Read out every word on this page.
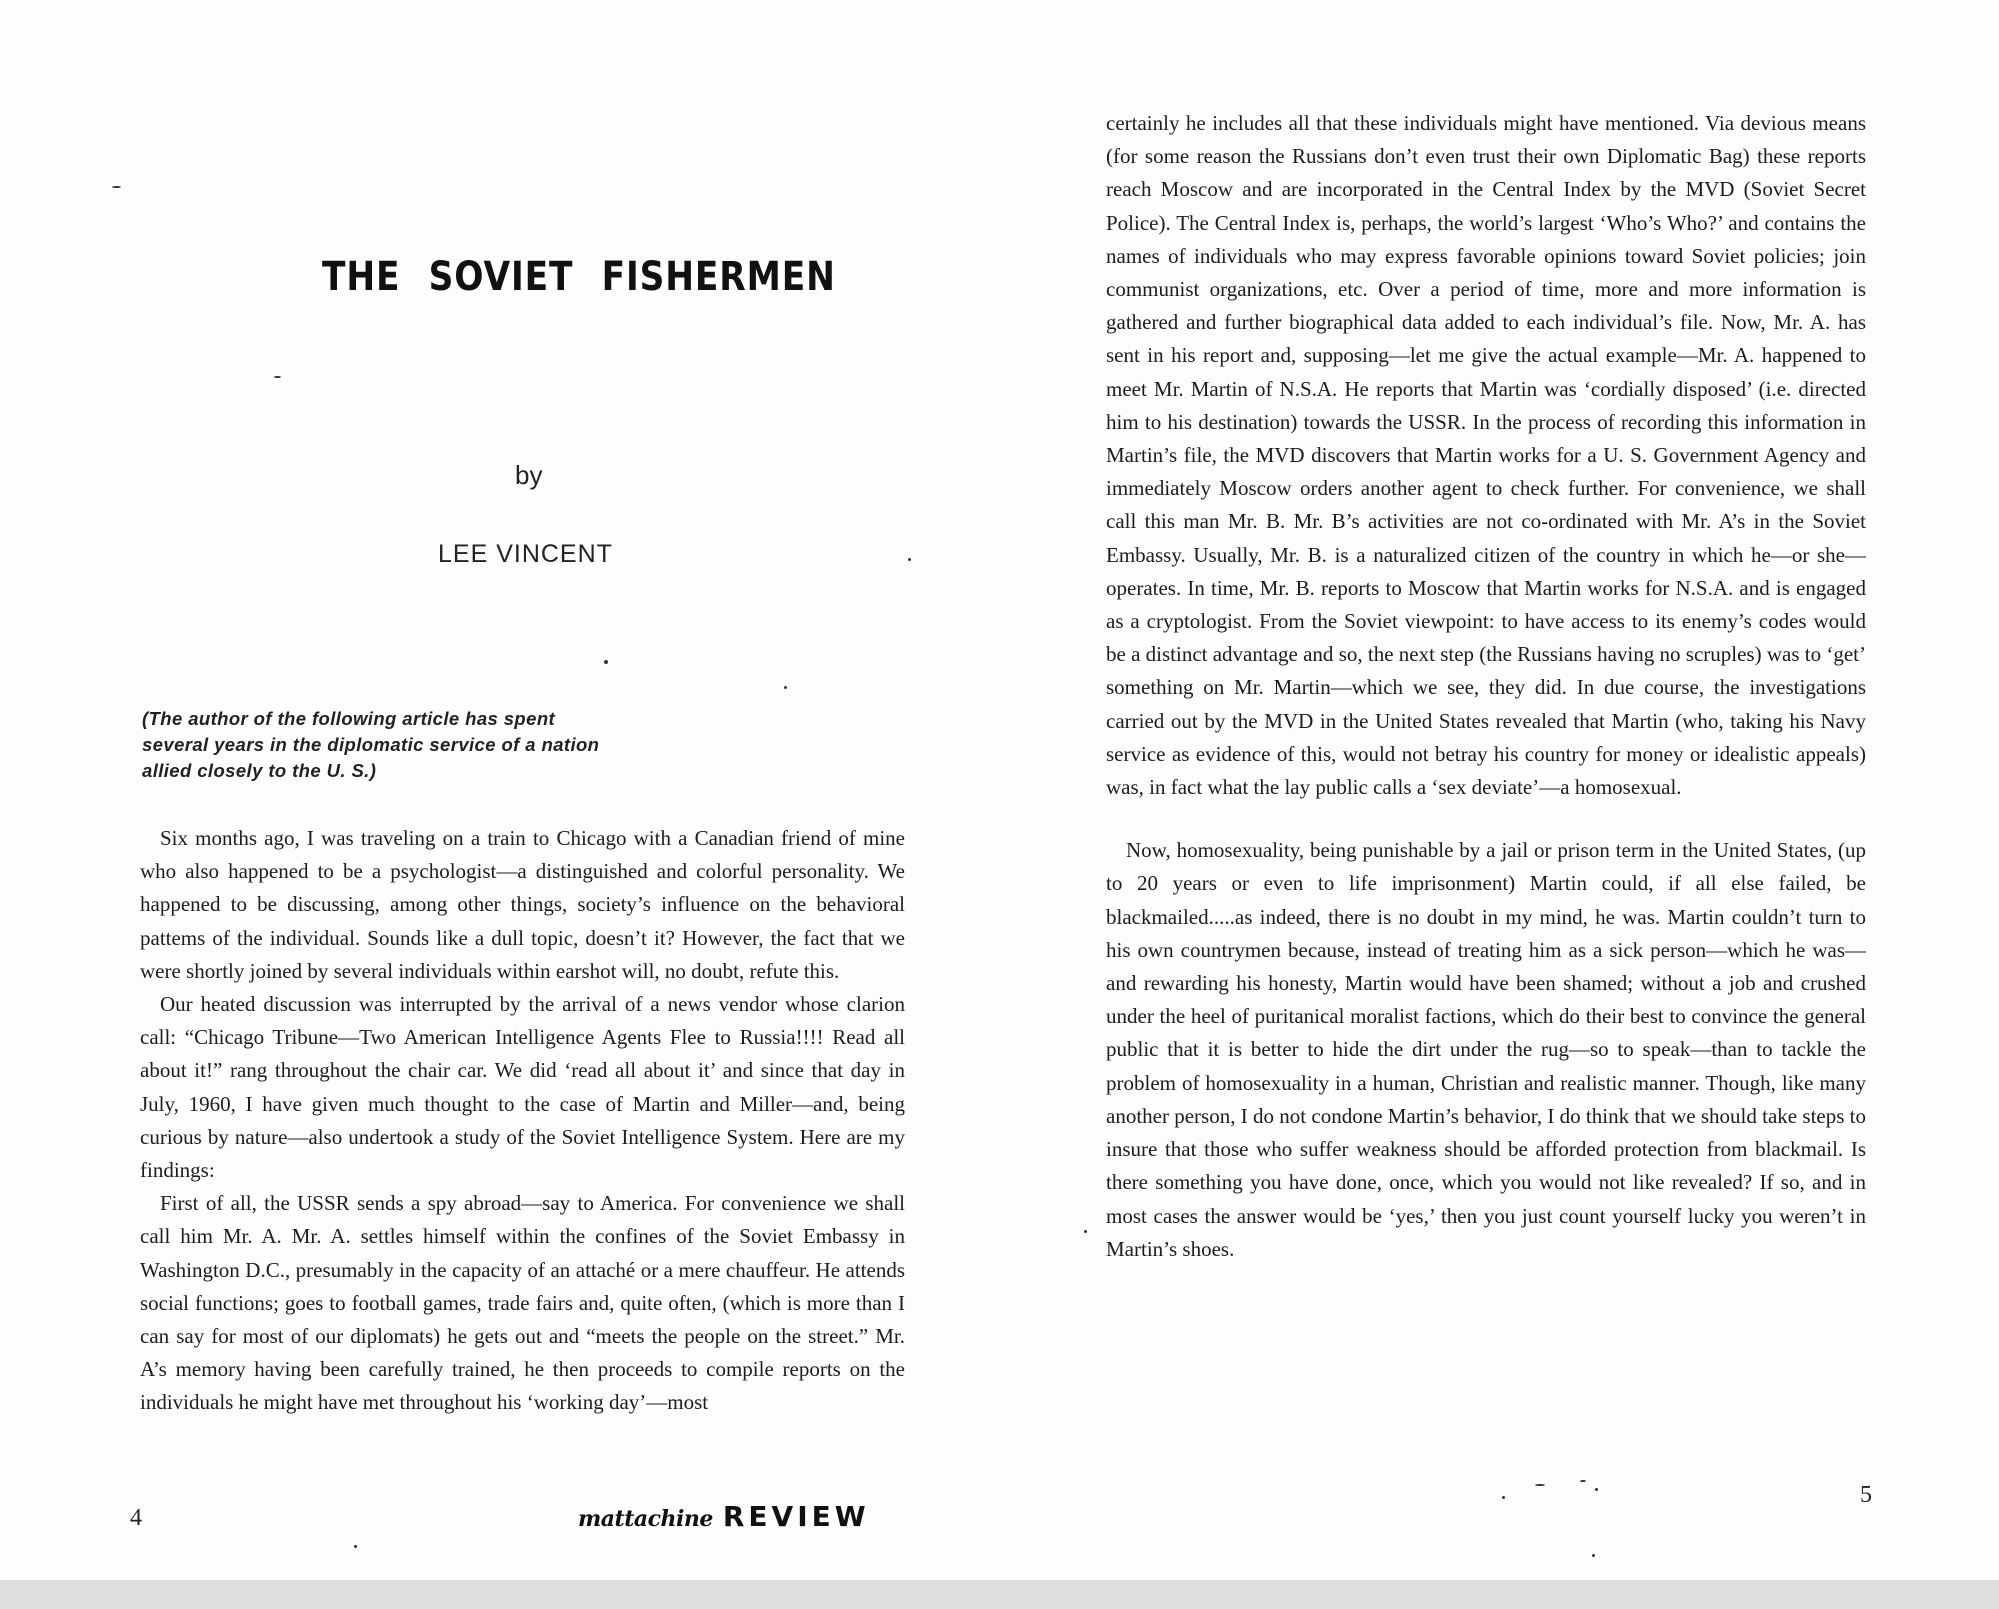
THE SOVIET FISHERMEN
by
LEE VINCENT

(The author of the following article has spent several years in the diplomatic service of a nation allied closely to the U. S.)

Six months ago, I was traveling on a train to Chicago with a Canadian friend of mine who also happened to be a psychologist—a distinguished and colorful personality. We happened to be discussing, among other things, society’s influence on the behavioral pattems of the individual. Sounds like a dull topic, doesn’t it? However, the fact that we were shortly joined by several individuals within earshot will, no doubt, refute this.

Our heated discussion was interrupted by the arrival of a news vendor whose clarion call: “Chicago Tribune—Two American Intelligence Agents Flee to Russia!!!! Read all about it!” rang throughout the chair car. We did ‘read all about it’ and since that day in July, 1960, I have given much thought to the case of Martin and Miller—and, being curious by nature—also undertook a study of the Soviet Intelligence System. Here are my findings:

First of all, the USSR sends a spy abroad—say to America. For convenience we shall call him Mr. A. Mr. A. settles himself within the confines of the Soviet Embassy in Washington D.C., presumably in the capacity of an attaché or a mere chauffeur. He attends social functions; goes to football games, trade fairs and, quite often, (which is more than I can say for most of our diplomats) he gets out and “meets the people on the street.” Mr. A’s memory having been carefully trained, he then proceeds to compile reports on the individuals he might have met throughout his ‘working day’—most

4	mattachine REVIEW

certainly he includes all that these individuals might have mentioned. Via devious means (for some reason the Russians don’t even trust their own Diplomatic Bag) these reports reach Moscow and are incorporated in the Central Index by the MVD (Soviet Secret Police). The Central Index is, perhaps, the world’s largest ‘Who’s Who?’ and contains the names of individuals who may express favorable opinions toward Soviet policies; join communist organizations, etc. Over a period of time, more and more information is gathered and further biographical data added to each individual’s file. Now, Mr. A. has sent in his report and, supposing—let me give the actual example—Mr. A. happened to meet Mr. Martin of N.S.A. He reports that Martin was ‘cordially disposed’ (i.e. directed him to his destination) towards the USSR. In the process of recording this information in Martin’s file, the MVD discovers that Martin works for a U. S. Government Agency and immediately Moscow orders another agent to check further. For convenience, we shall call this man Mr. B. Mr. B’s activities are not co-ordinated with Mr. A’s in the Soviet Embassy. Usually, Mr. B. is a naturalized citizen of the country in which he—or she—operates. In time, Mr. B. reports to Moscow that Martin works for N.S.A. and is engaged as a cryptologist. From the Soviet viewpoint: to have access to its enemy’s codes would be a distinct advantage and so, the next step (the Russians having no scruples) was to ‘get’ something on Mr. Martin—which we see, they did. In due course, the investigations carried out by the MVD in the United States revealed that Martin (who, taking his Navy service as evidence of this, would not betray his country for money or idealistic appeals) was, in fact what the lay public calls a ‘sex deviate’—a homosexual.

Now, homosexuality, being punishable by a jail or prison term in the United States, (up to 20 years or even to life imprisonment) Martin could, if all else failed, be blackmailed.....as indeed, there is no doubt in my mind, he was. Martin couldn’t turn to his own countrymen because, instead of treating him as a sick person—which he was—and rewarding his honesty, Martin would have been shamed; without a job and crushed under the heel of puritanical moralist factions, which do their best to convince the general public that it is better to hide the dirt under the rug—so to speak—than to tackle the problem of homosexuality in a human, Christian and realistic manner. Though, like many another person, I do not condone Martin’s behavior, I do think that we should take steps to insure that those who suffer weakness should be afforded protection from blackmail. Is there something you have done, once, which you would not like revealed? If so, and in most cases the answer would be ‘yes,’ then you just count yourself lucky you weren’t in Martin’s shoes.

5
